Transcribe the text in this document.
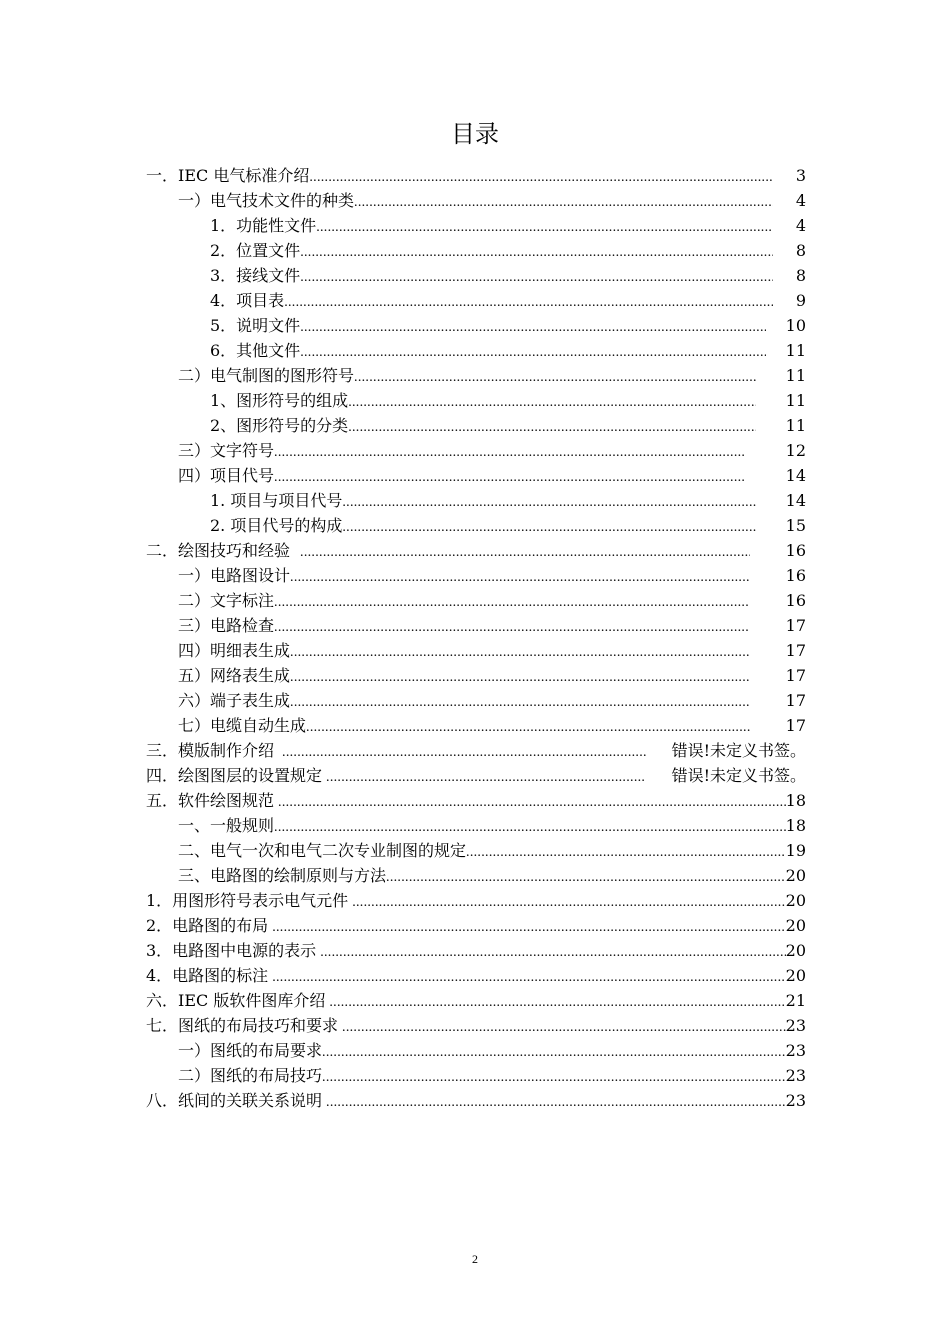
目录
一．IEC 电气标准介绍 .....	3
一）电气技术文件的种类 .....	4
1．功能性文件 .....	4
2．位置文件 .....	8
3．接线文件 .....	8
4．项目表 .....	9
5．说明文件 .....	10
6．其他文件 .....	11
二）电气制图的图形符号 .....	11
1、图形符号的组成 .....	11
2、图形符号的分类 .....	11
三）文字符号 .....	12
四）项目代号 .....	14
1. 项目与项目代号 .....	14
2. 项目代号的构成 .....	15
二．绘图技巧和经验 .....	16
一）电路图设计 .....	16
二）文字标注 .....	16
三）电路检查 .....	17
四）明细表生成 .....	17
五）网络表生成 .....	17
六）端子表生成 .....	17
七）电缆自动生成 .....	17
三．模版制作介绍 .....	错误!未定义书签。
四．绘图图层的设置规定 .....	错误!未定义书签。
五．软件绘图规范 .....	18
一、一般规则 .....	18
二、电气一次和电气二次专业制图的规定 .....	19
三、电路图的绘制原则与方法 .....	20
1．用图形符号表示电气元件 .....	20
2．电路图的布局 .....	20
3．电路图中电源的表示 .....	20
4．电路图的标注 .....	20
六．IEC 版软件图库介绍 .....	21
七．图纸的布局技巧和要求 .....	23
一）图纸的布局要求 .....	23
二）图纸的布局技巧 .....	23
八．纸间的关联关系说明 .....	23
2
